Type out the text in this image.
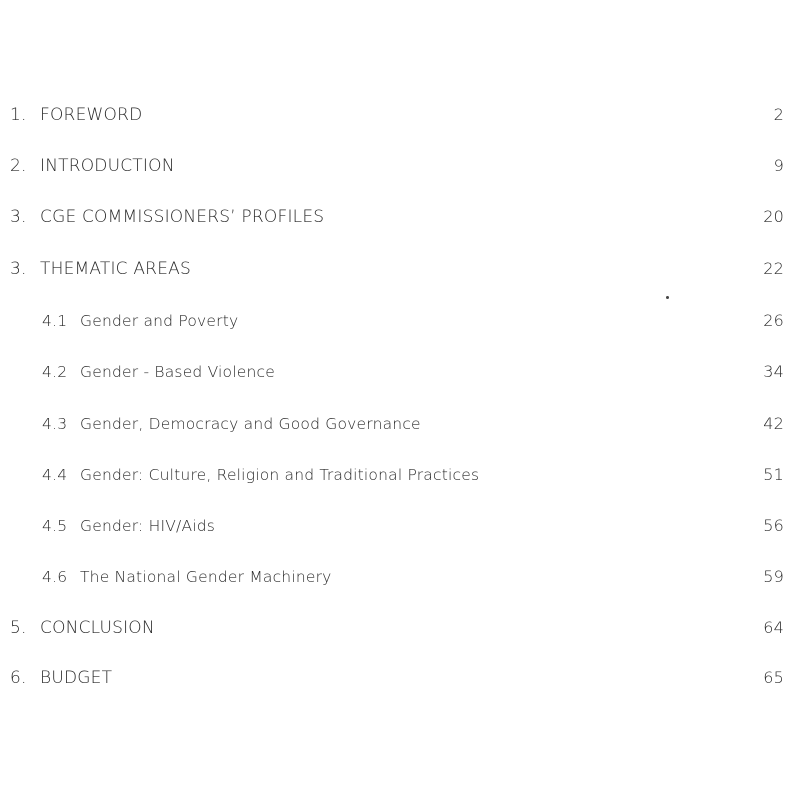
1. FOREWORD	2
2. INTRODUCTION	9
3. CGE COMMISSIONERS’ PROFILES	20
3. THEMATIC AREAS	22
4.1 Gender and Poverty	26
4.2 Gender - Based Violence	34
4.3 Gender, Democracy and Good Governance	42
4.4 Gender: Culture, Religion and Traditional Practices	51
4.5 Gender: HIV/Aids	56
4.6 The National Gender Machinery	59
5. CONCLUSION	64
6. BUDGET	65
